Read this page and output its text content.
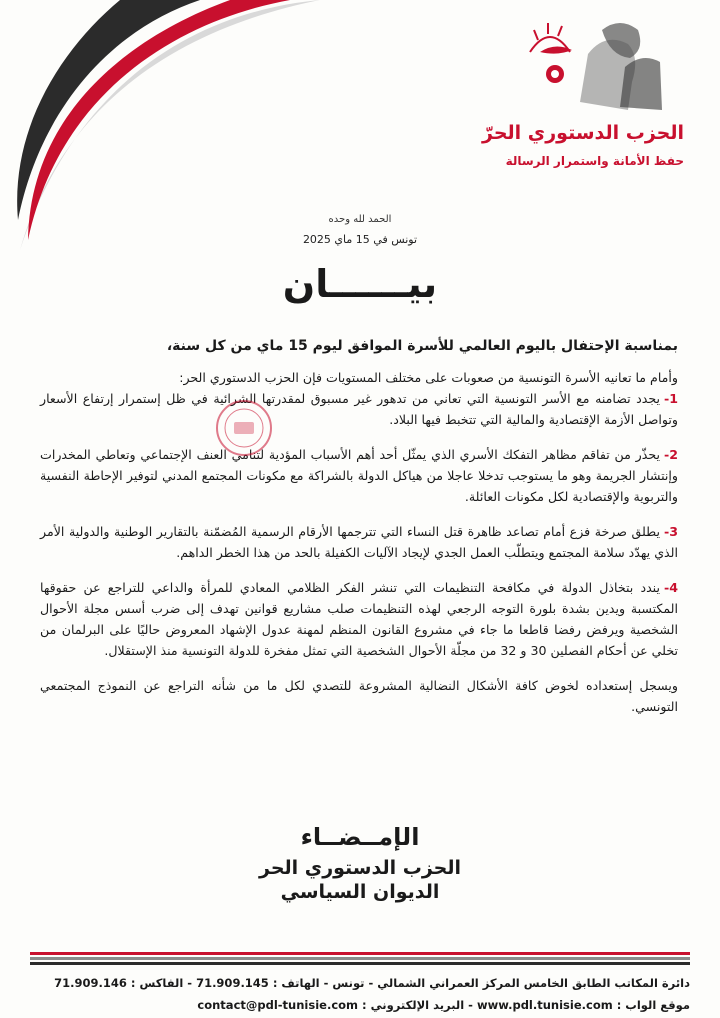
الحزب الدستوري الحرّ
حفظ الأمانة واستمرار الرسالة
الحمد لله وحده
تونس في 15 ماي 2025
بيــــــان
بمناسبة الإحتفال باليوم العالمي للأسرة الموافق ليوم 15 ماي من كل سنة،
وأمام ما تعانيه الأسرة التونسية من صعوبات على مختلف المستويات فإن الحزب الدستوري الحر:
1-يجدد تضامنه مع الأسر التونسية التي تعاني من تدهور غير مسبوق لمقدرتها الشرائية في ظل إستمرار إرتفاع الأسعار وتواصل الأزمة الإقتصادية والمالية التي تتخبط فيها البلاد.
2-يحذّر من تفاقم مظاهر التفكك الأسري الذي يمثّل أحد أهم الأسباب المؤدية لتنامي العنف الإجتماعي وتعاطي المخدرات وإنتشار الجريمة وهو ما يستوجب تدخلا عاجلا من هياكل الدولة بالشراكة مع مكونات المجتمع المدني لتوفير الإحاطة النفسية والتربوية والإقتصادية لكل مكونات العائلة.
3-يطلق صرخة فزع أمام تصاعد ظاهرة قتل النساء التي تترجمها الأرقام الرسمية المُضمّنة بالتقارير الوطنية والدولية الأمر الذي يهدّد سلامة المجتمع ويتطلّب العمل الجدي لإيجاد الآليات الكفيلة بالحد من هذا الخطر الداهم.
4-يندد بتخاذل الدولة في مكافحة التنظيمات التي تنشر الفكر الظلامي المعادي للمرأة والداعي للتراجع عن حقوقها المكتسبة ويدين بشدة بلورة التوجه الرجعي لهذه التنظيمات صلب مشاريع قوانين تهدف إلى ضرب أسس مجلة الأحوال الشخصية ويرفض رفضا قاطعا ما جاء في مشروع القانون المنظم لمهنة عدول الإشهاد المعروض حاليًا على البرلمان من تخلي عن أحكام الفصلين 30 و 32 من مجلّة الأحوال الشخصية التي تمثل مفخرة للدولة التونسية منذ الإستقلال.
ويسجل إستعداده لخوض كافة الأشكال النضالية المشروعة للتصدي لكل ما من شأنه التراجع عن النموذج المجتمعي التونسي.
الإمــضــاء
الحزب الدستوري الحر
الديوان السياسي
دائرة المكاتب الطابق الخامس المركز العمراني الشمالي - تونس - الهاتف : 71.909.145 - الفاكس : 71.909.146
موقع الواب : www.pdl.tunisie.com - البريد الإلكتروني : contact@pdl-tunisie.com
